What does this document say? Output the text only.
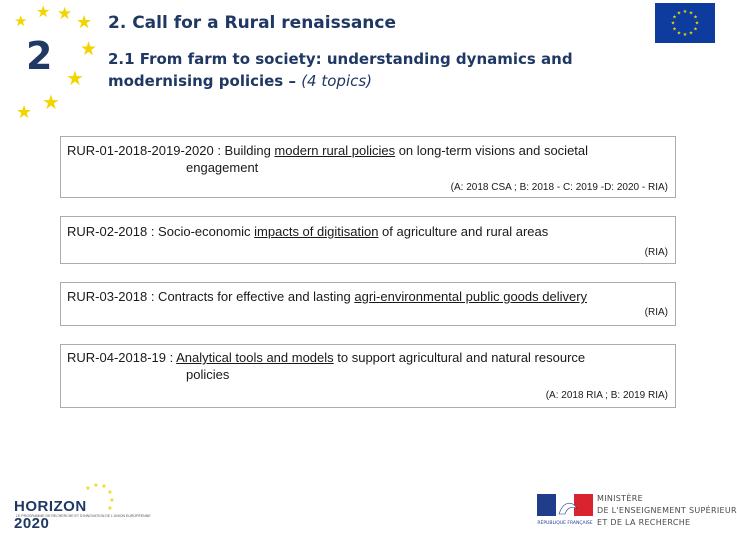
★ ★ ★ ★
★
★
★
★
2
2. Call for a Rural renaissance
2.1 From farm to society: understanding dynamics and modernising policies – (4 topics)
★ ★
★
★
★
★
★
★
★
★
★
★
RUR-01-2018-2019-2020 : Building modern rural policies on long-term visions and societal
engagement
(A: 2018 CSA ; B: 2018 - C: 2019 -D: 2020 - RIA)
RUR-02-2018 : Socio-economic impacts of digitisation of agriculture and rural areas
(RIA)
RUR-03-2018 : Contracts for effective and lasting agri-environmental public goods delivery
(RIA)
RUR-04-2018-19 : Analytical tools and models to support agricultural and natural resource
policies
(A: 2018 RIA ; B: 2019 RIA)
★ ★ ★
★
★
★
HORIZON 2020
LE PROGRAMME DE RECHERCHE ET D'INNOVATION DE L'UNION EUROPÉENNE
RÉPUBLIQUE FRANÇAISE
MINISTÈRE
DE L'ENSEIGNEMENT SUPÉRIEUR
ET DE LA RECHERCHE
